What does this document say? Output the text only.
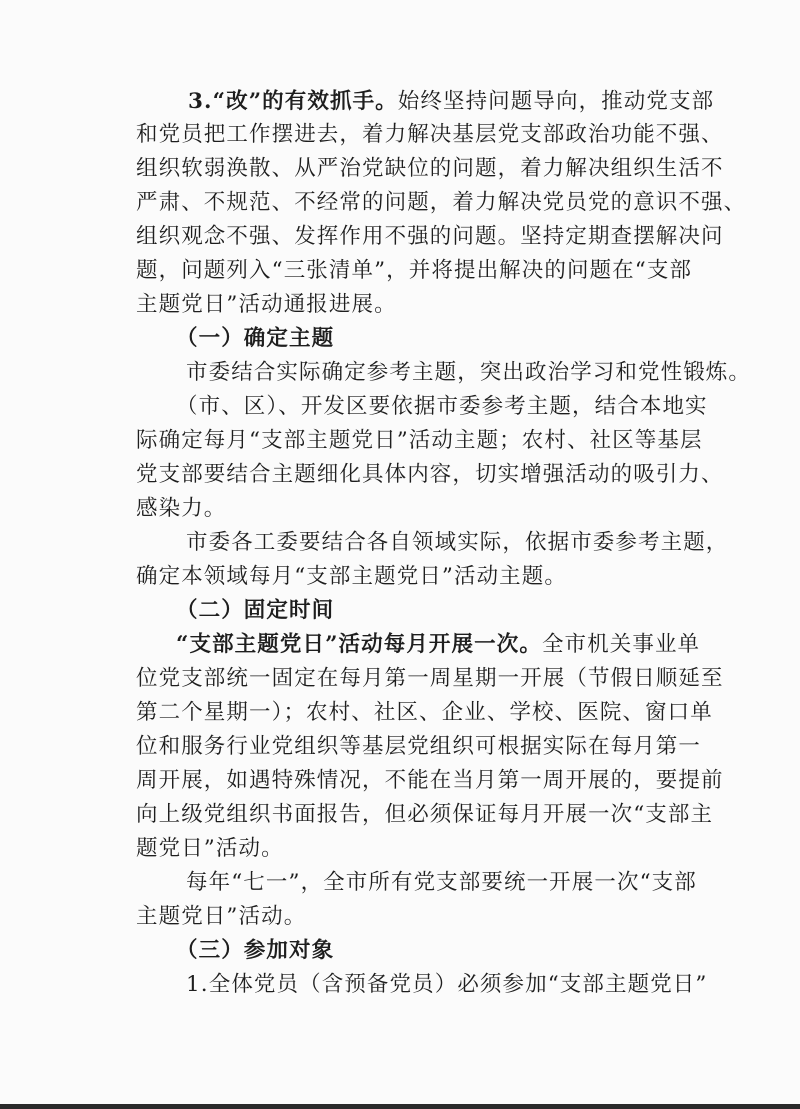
3.“改”的有效抓手。始终坚持问题导向，推动党支部
和党员把工作摆进去，着力解决基层党支部政治功能不强、
组织软弱涣散、从严治党缺位的问题，着力解决组织生活不
严肃、不规范、不经常的问题，着力解决党员党的意识不强、
组织观念不强、发挥作用不强的问题。坚持定期查摆解决问
题，问题列入“三张清单”，并将提出解决的问题在“支部
主题党日”活动通报进展。
（一）确定主题
市委结合实际确定参考主题，突出政治学习和党性锻炼。
（市、区）、开发区要依据市委参考主题，结合本地实
际确定每月“支部主题党日”活动主题；农村、社区等基层
党支部要结合主题细化具体内容，切实增强活动的吸引力、
感染力。
市委各工委要结合各自领域实际，依据市委参考主题，
确定本领域每月“支部主题党日”活动主题。
（二）固定时间
“支部主题党日”活动每月开展一次。全市机关事业单
位党支部统一固定在每月第一周星期一开展（节假日顺延至
第二个星期一）；农村、社区、企业、学校、医院、窗口单
位和服务行业党组织等基层党组织可根据实际在每月第一
周开展，如遇特殊情况，不能在当月第一周开展的，要提前
向上级党组织书面报告，但必须保证每月开展一次“支部主
题党日”活动。
每年“七一”，全市所有党支部要统一开展一次“支部
主题党日”活动。
（三）参加对象
1.全体党员（含预备党员）必须参加“支部主题党日”
